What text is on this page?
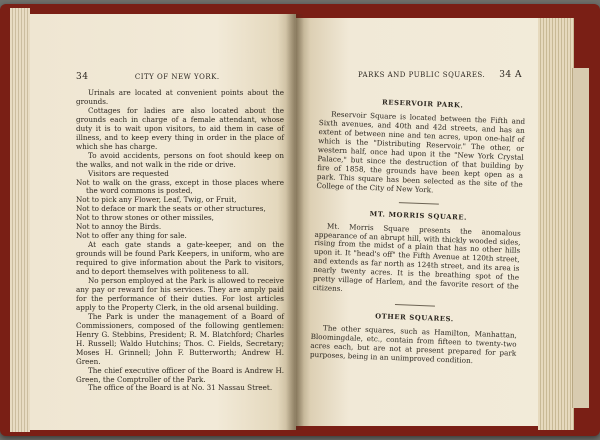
34	CITY OF NEW YORK.

Urinals are located at convenient points about the grounds.

Cottages for ladies are also located about the grounds each in charge of a female attendant, whose duty it is to wait upon visitors, to aid them in case of illness, and to keep every thing in order in the place of which she has charge.

To avoid accidents, persons on foot should keep on the walks, and not walk in the ride or drive.

Visitors are requested

Not to walk on the grass, except in those places where the word commons is posted,

Not to pick any Flower, Leaf, Twig, or Fruit,

Not to deface or mark the seats or other structures,

Not to throw stones or other missiles,

Not to annoy the Birds.

Not to offer any thing for sale.

At each gate stands a gate-keeper, and on the grounds will be found Park Keepers, in uniform, who are required to give information about the Park to visitors, and to deport themselves with politeness to all.

No person employed at the Park is allowed to receive any pay or reward for his services. They are amply paid for the performance of their duties. For lost articles apply to the Property Clerk, in the old arsenal building.

The Park is under the management of a Board of Commissioners, composed of the following gentlemen: Henry G. Stebbins, President; R. M. Blatchford; Charles H. Russell; Waldo Hutchins; Thos. C. Fields, Secretary; Moses H. Grinnell; John F. Butterworth; Andrew H. Green.

The chief executive officer of the Board is Andrew H. Green, the Comptroller of the Park.

The office of the Board is at No. 31 Nassau Street.

PARKS AND PUBLIC SQUARES. 34 A
RESERVOIR PARK.

Reservoir Square is located between the Fifth and Sixth avenues, and 40th and 42d streets, and has an extent of between nine and ten acres, upon one-half of which is the "Distributing Reservoir." The other, or western half, once had upon it the "New York Crystal Palace," but since the destruction of that building by fire of 1858, the grounds have been kept open as a park. This square has been selected as the site of the College of the City of New York.

MT. MORRIS SQUARE.

Mt. Morris Square presents the anomalous appearance of an abrupt hill, with thickly wooded sides, rising from the midst of a plain that has no other hills upon it. It "head's off" the Fifth Avenue at 120th street, and extends as far north as 124th street, and its area is nearly twenty acres. It is the breathing spot of the pretty village of Harlem, and the favorite resort of the citizens.

OTHER SQUARES.

The other squares, such as Hamilton, Manhattan, Bloomingdale, etc., contain from fifteen to twenty-two acres each, but are not at present prepared for park purposes, being in an unimproved condition.
